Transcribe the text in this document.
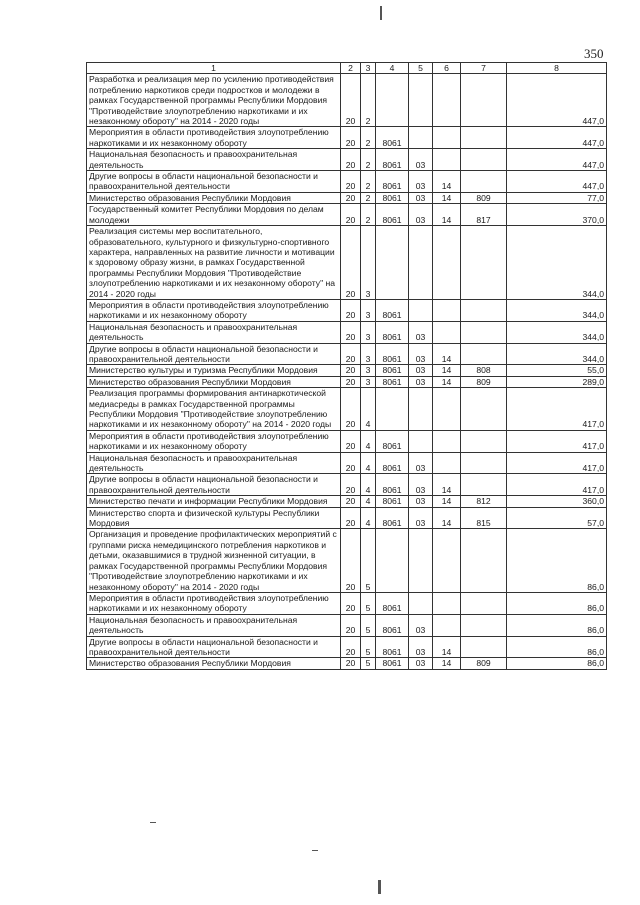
350
1	2	3	4	5	6	7	8
Разработка и реализация мер по усилению противодействия потреблению наркотиков среди подростков и молодежи в рамках Государственной программы Республики Мордовия "Противодействие злоупотреблению наркотиками и их незаконному обороту" на 2014 - 2020 годы	20	2					447,0
Мероприятия в области противодействия злоупотреблению наркотиками и их незаконному обороту	20	2	8061				447,0
Национальная безопасность и правоохранительная деятельность	20	2	8061	03			447,0
Другие вопросы в области национальной безопасности и правоохранительной деятельности	20	2	8061	03	14		447,0
Министерство образования Республики Мордовия	20	2	8061	03	14	809	77,0
Государственный комитет Республики Мордовия по делам молодежи	20	2	8061	03	14	817	370,0
Реализация системы мер воспитательного, образовательного, культурного и физкультурно-спортивного характера, направленных на развитие личности и мотивации к здоровому образу жизни, в рамках Государственной программы Республики Мордовия "Противодействие злоупотреблению наркотиками и их незаконному обороту" на 2014 - 2020 годы	20	3					344,0
Мероприятия в области противодействия злоупотреблению наркотиками и их незаконному обороту	20	3	8061				344,0
Национальная безопасность и правоохранительная деятельность	20	3	8061	03			344,0
Другие вопросы в области национальной безопасности и правоохранительной деятельности	20	3	8061	03	14		344,0
Министерство культуры и туризма Республики Мордовия	20	3	8061	03	14	808	55,0
Министерство образования Республики Мордовия	20	3	8061	03	14	809	289,0
Реализация программы формирования антинаркотической медиасреды в рамках Государственной программы Республики Мордовия "Противодействие злоупотреблению наркотиками и их незаконному обороту" на 2014 - 2020 годы	20	4					417,0
Мероприятия в области противодействия злоупотреблению наркотиками и их незаконному обороту	20	4	8061				417,0
Национальная безопасность и правоохранительная деятельность	20	4	8061	03			417,0
Другие вопросы в области национальной безопасности и правоохранительной деятельности	20	4	8061	03	14		417,0
Министерство печати и информации Республики Мордовия	20	4	8061	03	14	812	360,0
Министерство спорта и физической культуры Республики Мордовия	20	4	8061	03	14	815	57,0
Организация и проведение профилактических мероприятий с группами риска немедицинского потребления наркотиков и детьми, оказавшимися в трудной жизненной ситуации, в рамках Государственной программы Республики Мордовия "Противодействие злоупотреблению наркотиками и их незаконному обороту" на 2014 - 2020 годы	20	5					86,0
Мероприятия в области противодействия злоупотреблению наркотиками и их незаконному обороту	20	5	8061				86,0
Национальная безопасность и правоохранительная деятельность	20	5	8061	03			86,0
Другие вопросы в области национальной безопасности и правоохранительной деятельности	20	5	8061	03	14		86,0
Министерство образования Республики Мордовия	20	5	8061	03	14	809	86,0
